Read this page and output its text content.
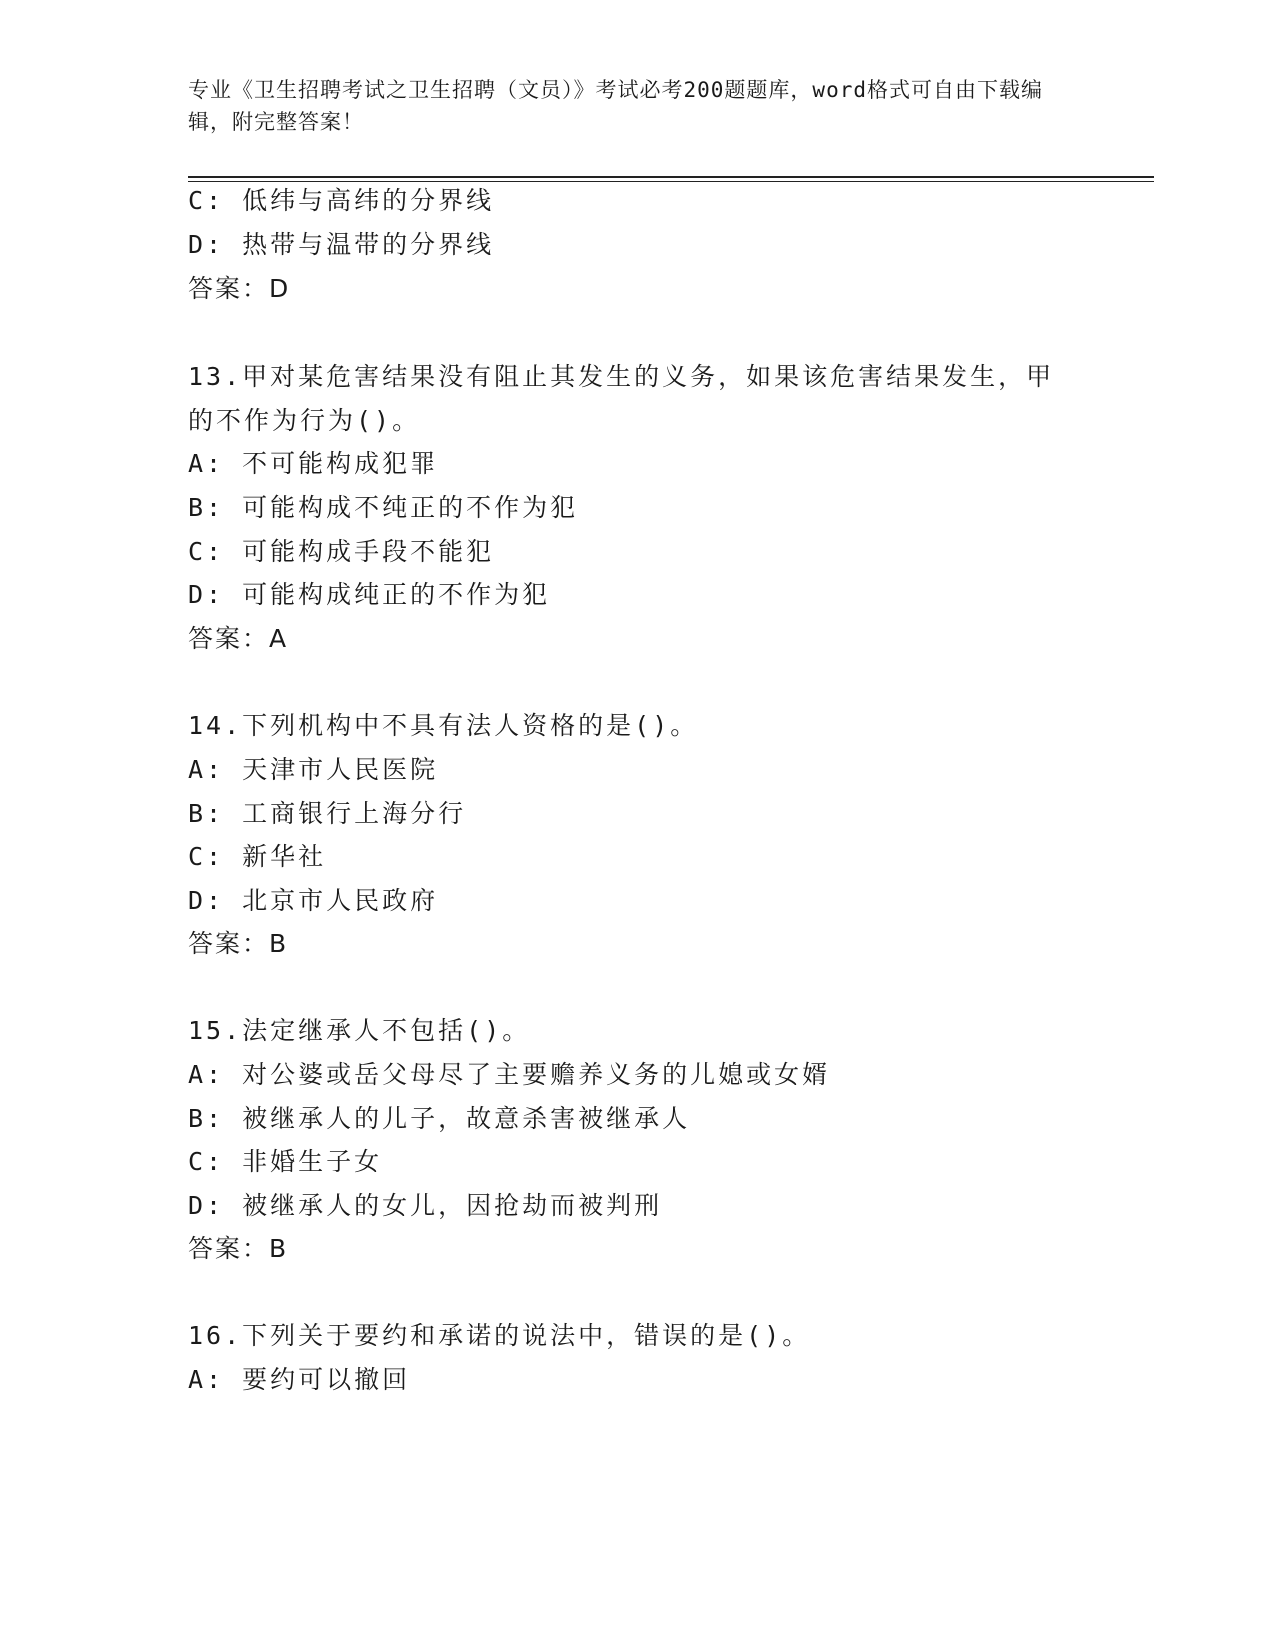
专业《卫生招聘考试之卫生招聘（文员）》考试必考200题题库，word格式可自由下载编辑，附完整答案！
C: 低纬与高纬的分界线
D: 热带与温带的分界线
答案：D
13.甲对某危害结果没有阻止其发生的义务，如果该危害结果发生，甲
的不作为行为()。
A: 不可能构成犯罪
B: 可能构成不纯正的不作为犯
C: 可能构成手段不能犯
D: 可能构成纯正的不作为犯
答案：A
14.下列机构中不具有法人资格的是()。
A: 天津市人民医院
B: 工商银行上海分行
C: 新华社
D: 北京市人民政府
答案：B
15.法定继承人不包括()。
A: 对公婆或岳父母尽了主要赡养义务的儿媳或女婿
B: 被继承人的儿子，故意杀害被继承人
C: 非婚生子女
D: 被继承人的女儿，因抢劫而被判刑
答案：B
16.下列关于要约和承诺的说法中，错误的是()。
A: 要约可以撤回
